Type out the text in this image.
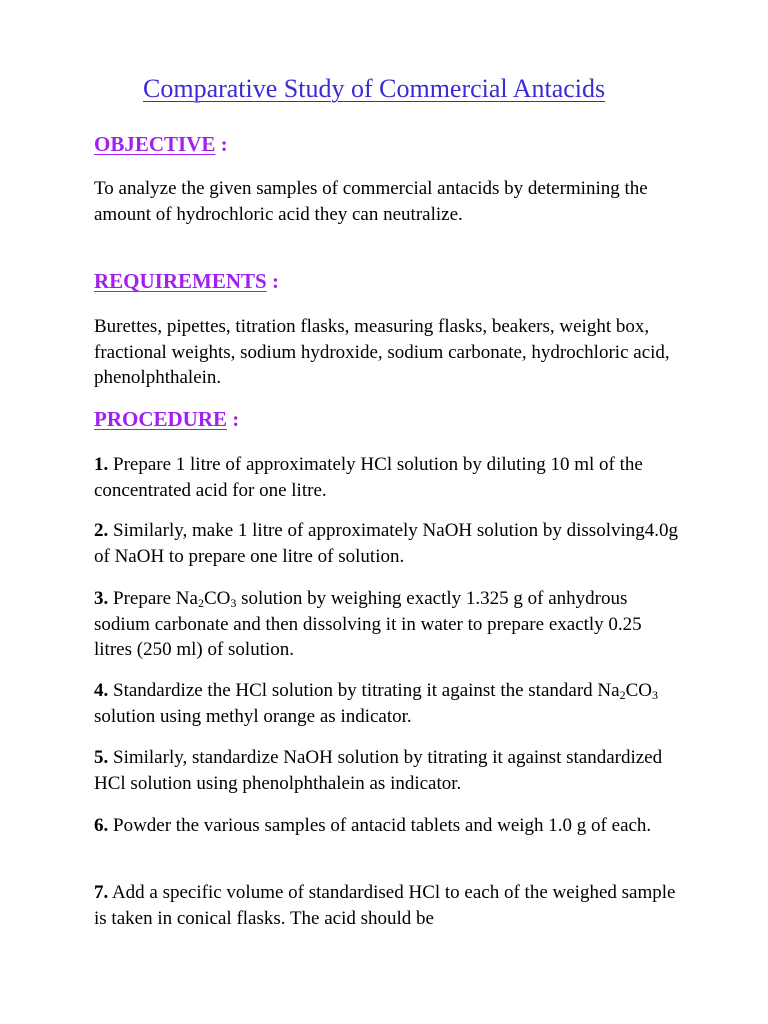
Comparative Study of Commercial Antacids
OBJECTIVE :

To analyze the given samples of commercial antacids by determining the amount of hydrochloric acid they can neutralize.

REQUIREMENTS :

Burettes, pipettes, titration flasks, measuring flasks, beakers, weight box, fractional weights, sodium hydroxide, sodium carbonate, hydrochloric acid, phenolphthalein.

PROCEDURE :

1. Prepare 1 litre of approximately HCl solution by diluting 10 ml of the concentrated acid for one litre.

2. Similarly, make 1 litre of approximately NaOH solution by dissolving4.0g of NaOH to prepare one litre of solution.

3. Prepare $Na_2CO_3$ solution by weighing exactly 1.325 g of anhydrous sodium carbonate and then dissolving it in water to prepare exactly 0.25 litres (250 ml) of solution.

4. Standardize the HCl solution by titrating it against the standard $Na_2CO_3$ solution using methyl orange as indicator.

5. Similarly, standardize NaOH solution by titrating it against standardized HCl solution using phenolphthalein as indicator.

6. Powder the various samples of antacid tablets and weigh 1.0 g of each.

7. Add a specific volume of standardised HCl to each of the weighed sample is taken in conical flasks. The acid should be
